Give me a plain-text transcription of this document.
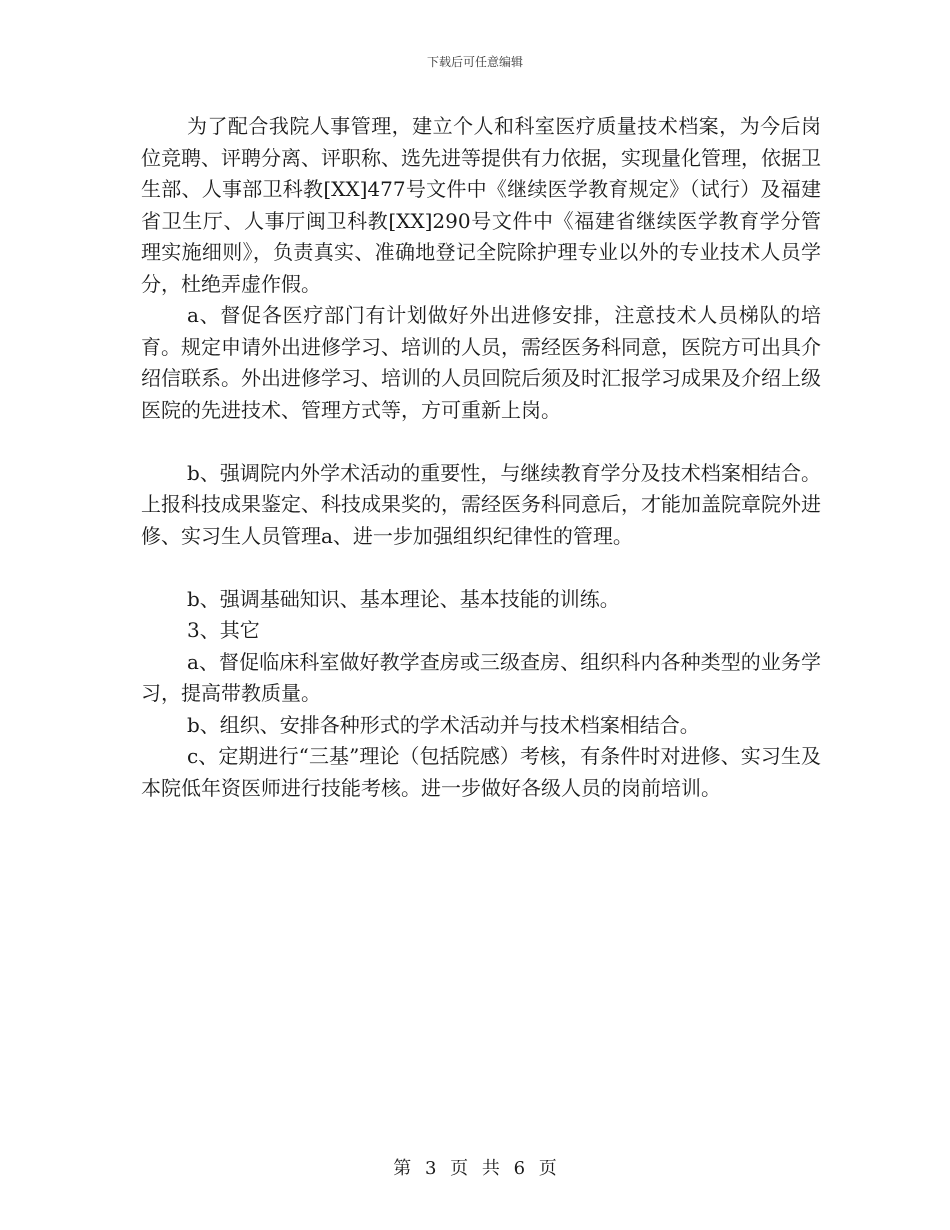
下载后可任意编辑

为了配合我院人事管理，建立个人和科室医疗质量技术档案，为今后岗位竞聘、评聘分离、评职称、选先进等提供有力依据，实现量化管理，依据卫生部、人事部卫科教[XX]477号文件中《继续医学教育规定》（试行）及福建省卫生厅、人事厅闽卫科教[XX]290号文件中《福建省继续医学教育学分管理实施细则》，负责真实、准确地登记全院除护理专业以外的专业技术人员学分，杜绝弄虚作假。

a、督促各医疗部门有计划做好外出进修安排，注意技术人员梯队的培育。规定申请外出进修学习、培训的人员，需经医务科同意，医院方可出具介绍信联系。外出进修学习、培训的人员回院后须及时汇报学习成果及介绍上级医院的先进技术、管理方式等，方可重新上岗。

b、强调院内外学术活动的重要性，与继续教育学分及技术档案相结合。上报科技成果鉴定、科技成果奖的，需经医务科同意后，才能加盖院章院外进修、实习生人员管理a、进一步加强组织纪律性的管理。

b、强调基础知识、基本理论、基本技能的训练。

3、其它

a、督促临床科室做好教学查房或三级查房、组织科内各种类型的业务学习，提高带教质量。

b、组织、安排各种形式的学术活动并与技术档案相结合。

c、定期进行“三基”理论（包括院感）考核，有条件时对进修、实习生及本院低年资医师进行技能考核。进一步做好各级人员的岗前培训。

第 3 页 共 6 页
